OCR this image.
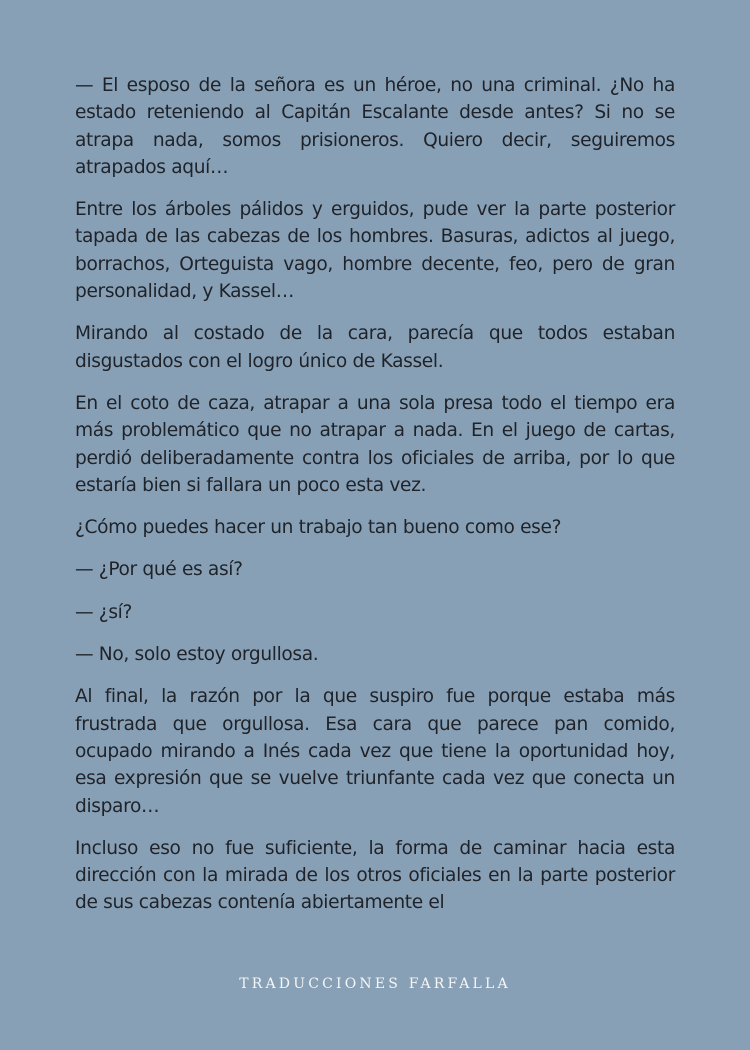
— El esposo de la señora es un héroe, no una criminal. ¿No ha estado reteniendo al Capitán Escalante desde antes? Si no se atrapa nada, somos prisioneros. Quiero decir, seguiremos atrapados aquí…

Entre los árboles pálidos y erguidos, pude ver la parte posterior tapada de las cabezas de los hombres. Basuras, adictos al juego, borrachos, Orteguista vago, hombre decente, feo, pero de gran personalidad, y Kassel…

Mirando al costado de la cara, parecía que todos estaban disgustados con el logro único de Kassel.

En el coto de caza, atrapar a una sola presa todo el tiempo era más problemático que no atrapar a nada. En el juego de cartas, perdió deliberadamente contra los oficiales de arriba, por lo que estaría bien si fallara un poco esta vez.

¿Cómo puedes hacer un trabajo tan bueno como ese?

— ¿Por qué es así?

— ¿sí?

— No, solo estoy orgullosa.

Al final, la razón por la que suspiro fue porque estaba más frustrada que orgullosa. Esa cara que parece pan comido, ocupado mirando a Inés cada vez que tiene la oportunidad hoy, esa expresión que se vuelve triunfante cada vez que conecta un disparo…

Incluso eso no fue suficiente, la forma de caminar hacia esta dirección con la mirada de los otros oficiales en la parte posterior de sus cabezas contenía abiertamente el

TRADUCCIONES FARFALLA
